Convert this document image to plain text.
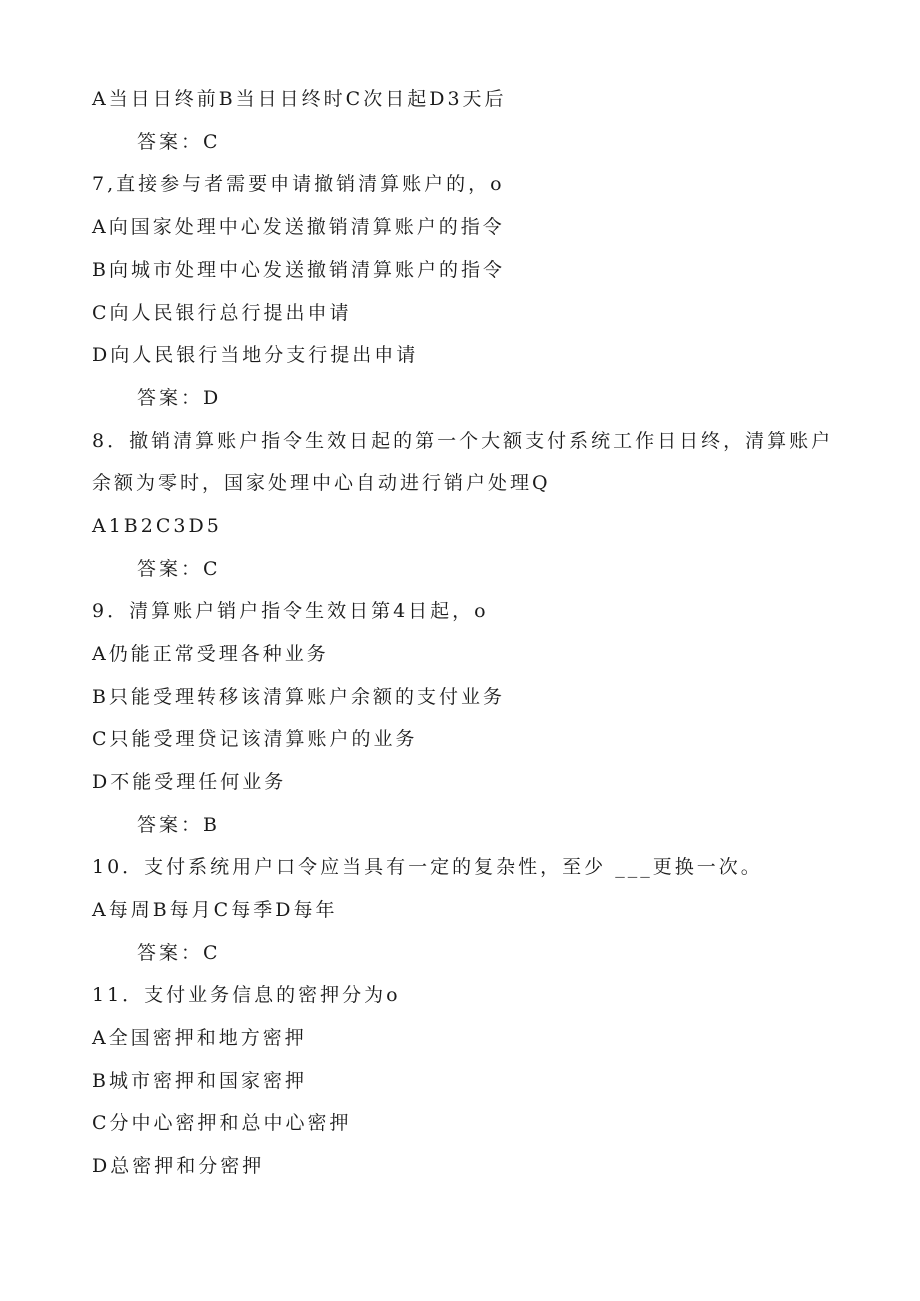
A当日日终前B当日日终时C次日起D3天后
答案：C
7,直接参与者需要申请撤销清算账户的，o
A向国家处理中心发送撤销清算账户的指令
B向城市处理中心发送撤销清算账户的指令
C向人民银行总行提出申请
D向人民银行当地分支行提出申请
答案：D
8．撤销清算账户指令生效日起的第一个大额支付系统工作日日终，清算账户
余额为零时，国家处理中心自动进行销户处理Q
A1B2C3D5
答案：C
9．清算账户销户指令生效日第4日起，o
A仍能正常受理各种业务
B只能受理转移该清算账户余额的支付业务
C只能受理贷记该清算账户的业务
D不能受理任何业务
答案：B
10．支付系统用户口令应当具有一定的复杂性，至少 ___更换一次。
A每周B每月C每季D每年
答案：C
11．支付业务信息的密押分为o
A全国密押和地方密押
B城市密押和国家密押
C分中心密押和总中心密押
D总密押和分密押
